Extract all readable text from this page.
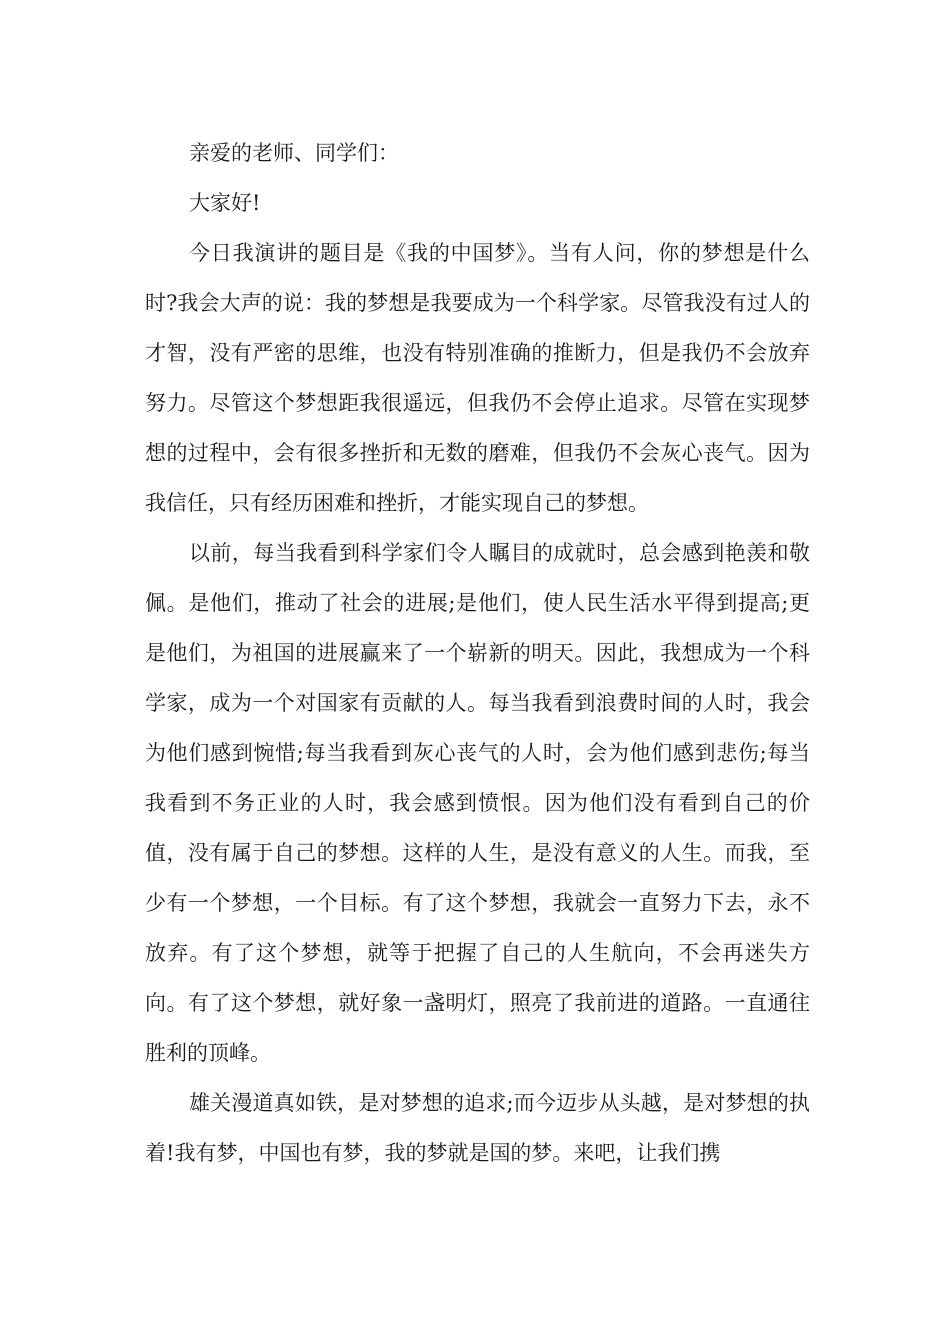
亲爱的老师、同学们：

大家好!

今日我演讲的题目是《我的中国梦》。当有人问，你的梦想是什么时?我会大声的说：我的梦想是我要成为一个科学家。尽管我没有过人的才智，没有严密的思维，也没有特别准确的推断力，但是我仍不会放弃努力。尽管这个梦想距我很遥远，但我仍不会停止追求。尽管在实现梦想的过程中，会有很多挫折和无数的磨难，但我仍不会灰心丧气。因为我信任，只有经历困难和挫折，才能实现自己的梦想。

以前，每当我看到科学家们令人瞩目的成就时，总会感到艳羡和敬佩。是他们，推动了社会的进展;是他们，使人民生活水平得到提高;更是他们，为祖国的进展赢来了一个崭新的明天。因此，我想成为一个科学家，成为一个对国家有贡献的人。每当我看到浪费时间的人时，我会为他们感到惋惜;每当我看到灰心丧气的人时，会为他们感到悲伤;每当我看到不务正业的人时，我会感到愤恨。因为他们没有看到自己的价值，没有属于自己的梦想。这样的人生，是没有意义的人生。而我，至少有一个梦想，一个目标。有了这个梦想，我就会一直努力下去，永不放弃。有了这个梦想，就等于把握了自己的人生航向，不会再迷失方向。有了这个梦想，就好象一盏明灯，照亮了我前进的道路。一直通往胜利的顶峰。

雄关漫道真如铁，是对梦想的追求;而今迈步从头越，是对梦想的执着!我有梦，中国也有梦，我的梦就是国的梦。来吧，让我们携
